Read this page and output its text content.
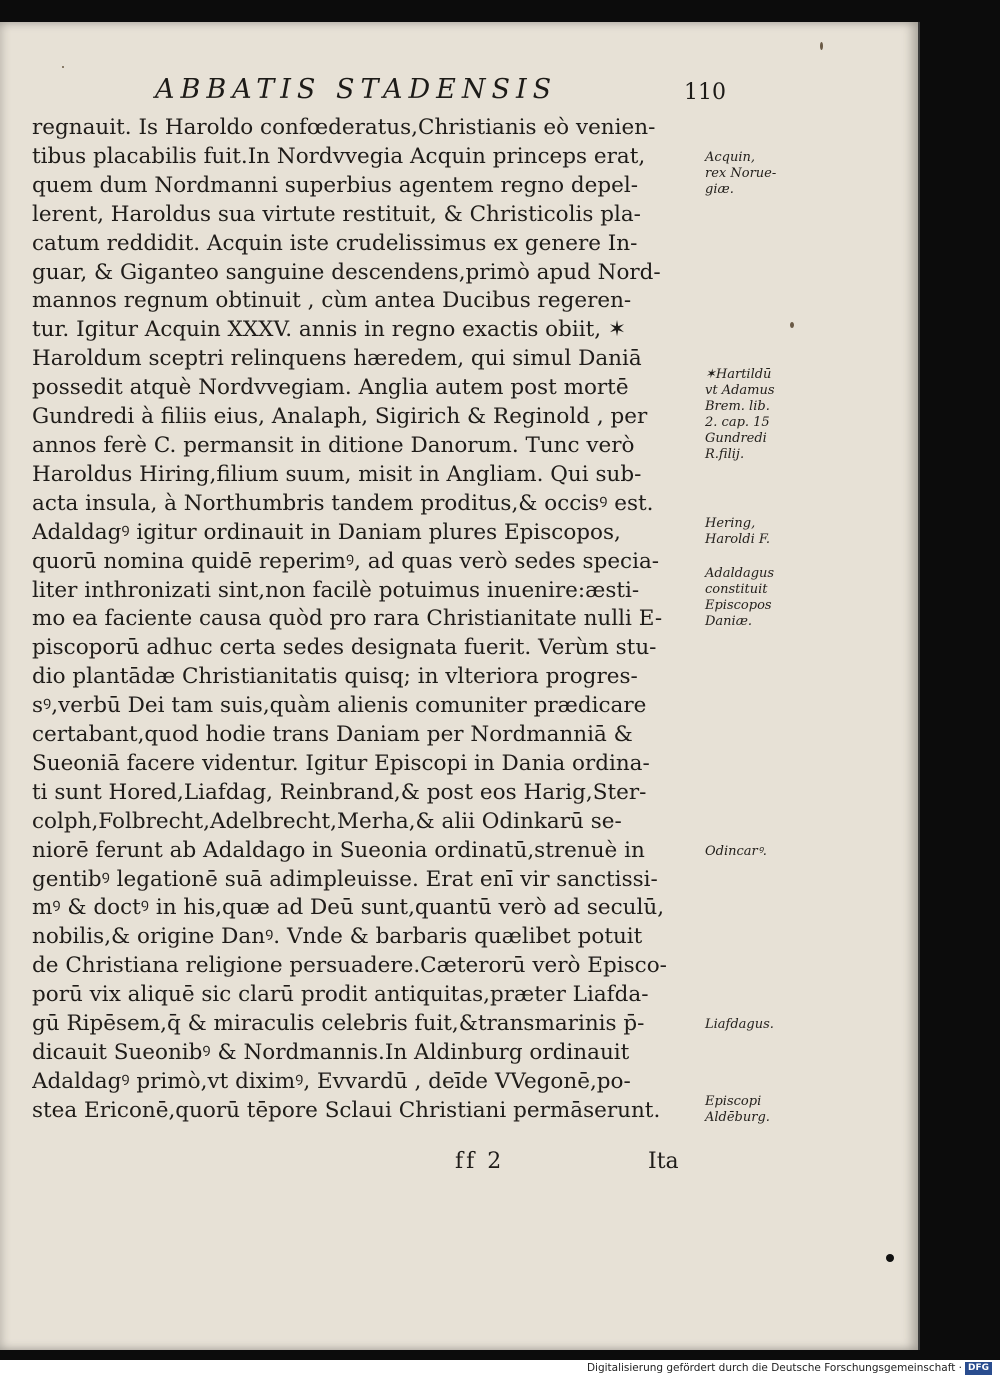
ABBATIS STADENSIS	110
regnauit. Is Haroldo confœderatus,Christianis eò venien-
tibus placabilis fuit.In Nordvvegia Acquin princeps erat,
quem dum Nordmanni superbius agentem regno depel-
lerent, Haroldus sua virtute restituit, & Christicolis pla-
catum reddidit. Acquin iste crudelissimus ex genere In-
guar, & Giganteo sanguine descendens,primò apud Nord-
mannos regnum obtinuit , cùm antea Ducibus regeren-
tur. Igitur Acquin XXXV. annis in regno exactis obiit, ✶
Haroldum sceptri relinquens hæredem, qui simul Daniā
possedit atquè Nordvvegiam. Anglia autem post mortē
Gundredi à filiis eius, Analaph, Sigirich & Reginold , per
annos ferè C. permansit in ditione Danorum. Tunc verò
Haroldus Hiring,filium suum, misit in Angliam. Qui sub-
acta insula, à Northumbris tandem proditus,& occisꝰ est.
Adaldagꝰ igitur ordinauit in Daniam plures Episcopos,
quorū nomina quidē reperimꝰ, ad quas verò sedes specia-
liter inthronizati sint,non facilè potuimus inuenire:æsti-
mo ea faciente causa quòd pro rara Christianitate nulli E-
piscoporū adhuc certa sedes designata fuerit. Verùm stu-
dio plantādæ Christianitatis quisq; in vlteriora progres-
sꝰ,verbū Dei tam suis,quàm alienis comuniter prædicare
certabant,quod hodie trans Daniam per Nordmanniā &
Sueoniā facere videntur. Igitur Episcopi in Dania ordina-
ti sunt Hored,Liafdag, Reinbrand,& post eos Harig,Ster-
colph,Folbrecht,Adelbrecht,Merha,& alii Odinkarū se-
niorē ferunt ab Adaldago in Sueonia ordinatū,strenuè in
gentibꝰ legationē suā adimpleuisse. Erat enī vir sanctissi-
mꝰ & doctꝰ in his,quæ ad Deū sunt,quantū verò ad seculū,
nobilis,& origine Danꝰ. Vnde & barbaris quælibet potuit
de Christiana religione persuadere.Cæterorū verò Episco-
porū vix aliquē sic clarū prodit antiquitas,præter Liafda-
gū Ripēsem,q̄ & miraculis celebris fuit,&transmarinis p̄-
dicauit Sueonibꝰ & Nordmannis.In Aldinburg ordinauit
Adaldagꝰ primò,vt diximꝰ, Evvardū , deīde VVegonē,po-
stea Ericonē,quorū tēpore Sclaui Christiani permāserunt.
Acquin,
rex Norue-
giæ.
✶Hartildū
vt Adamus
Brem. lib.
2. cap. 15
Gundredi
R.filij.
Hering,
Haroldi F.
Adaldagus
constituit
Episcopos
Daniæ.
Odincarꝰ.
Liafdagus.
Episcopi
Aldēburg.
ff 2	Ita
Digitalisierung gefördert durch die Deutsche Forschungsgemeinschaft · DFG
